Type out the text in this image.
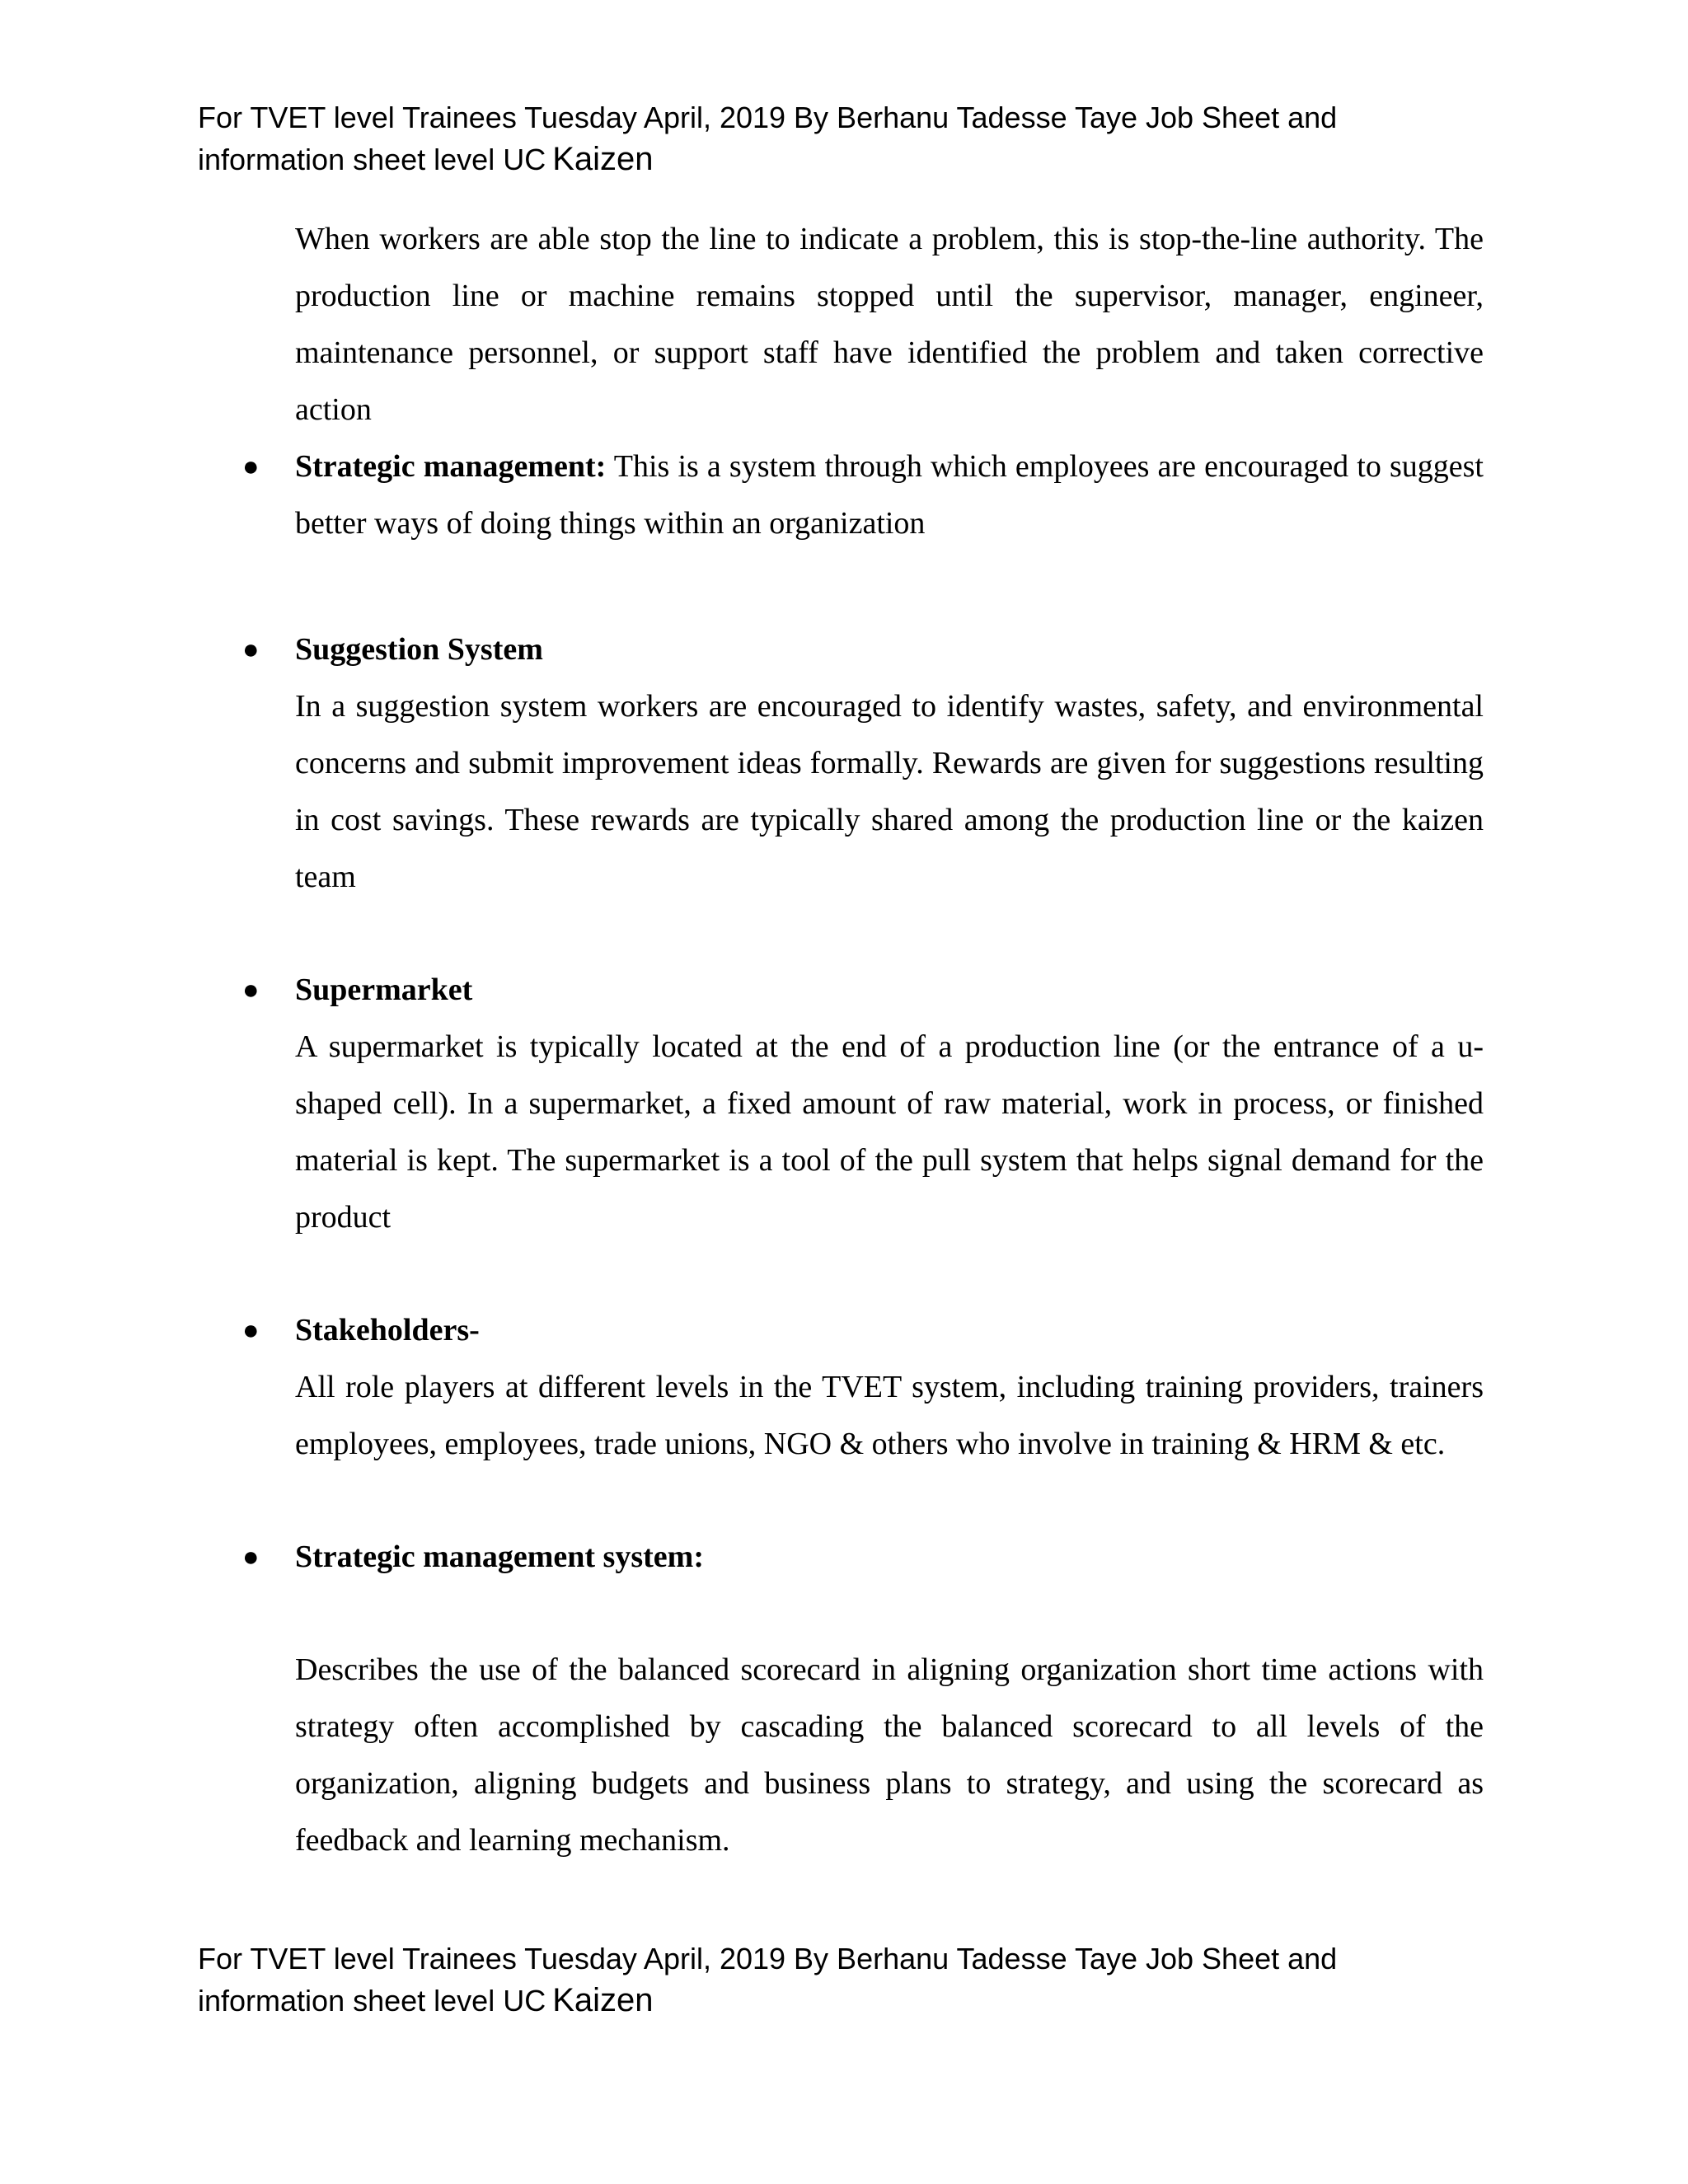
For TVET level Trainees Tuesday April, 2019 By Berhanu Tadesse Taye Job Sheet and
information sheet level UC Kaizen
When workers are able stop the line to indicate a problem, this is stop-the-line authority. The production line or machine remains stopped until the supervisor, manager, engineer, maintenance personnel, or support staff have identified the problem and taken corrective action
● Strategic management: This is a system through which employees are encouraged to suggest better ways of doing things within an organization
● Suggestion System
In a suggestion system workers are encouraged to identify wastes, safety, and environmental concerns and submit improvement ideas formally. Rewards are given for suggestions resulting in cost savings. These rewards are typically shared among the production line or the kaizen team
● Supermarket
A supermarket is typically located at the end of a production line (or the entrance of a u-shaped cell). In a supermarket, a fixed amount of raw material, work in process, or finished material is kept. The supermarket is a tool of the pull system that helps signal demand for the product
● Stakeholders-
All role players at different levels in the TVET system, including training providers, trainers employees, employees, trade unions, NGO & others who involve in training & HRM & etc.
● Strategic management system:
Describes the use of the balanced scorecard in aligning organization short time actions with strategy often accomplished by cascading the balanced scorecard to all levels of the organization, aligning budgets and business plans to strategy, and using the scorecard as feedback and learning mechanism.
For TVET level Trainees Tuesday April, 2019 By Berhanu Tadesse Taye Job Sheet and
information sheet level UC Kaizen
